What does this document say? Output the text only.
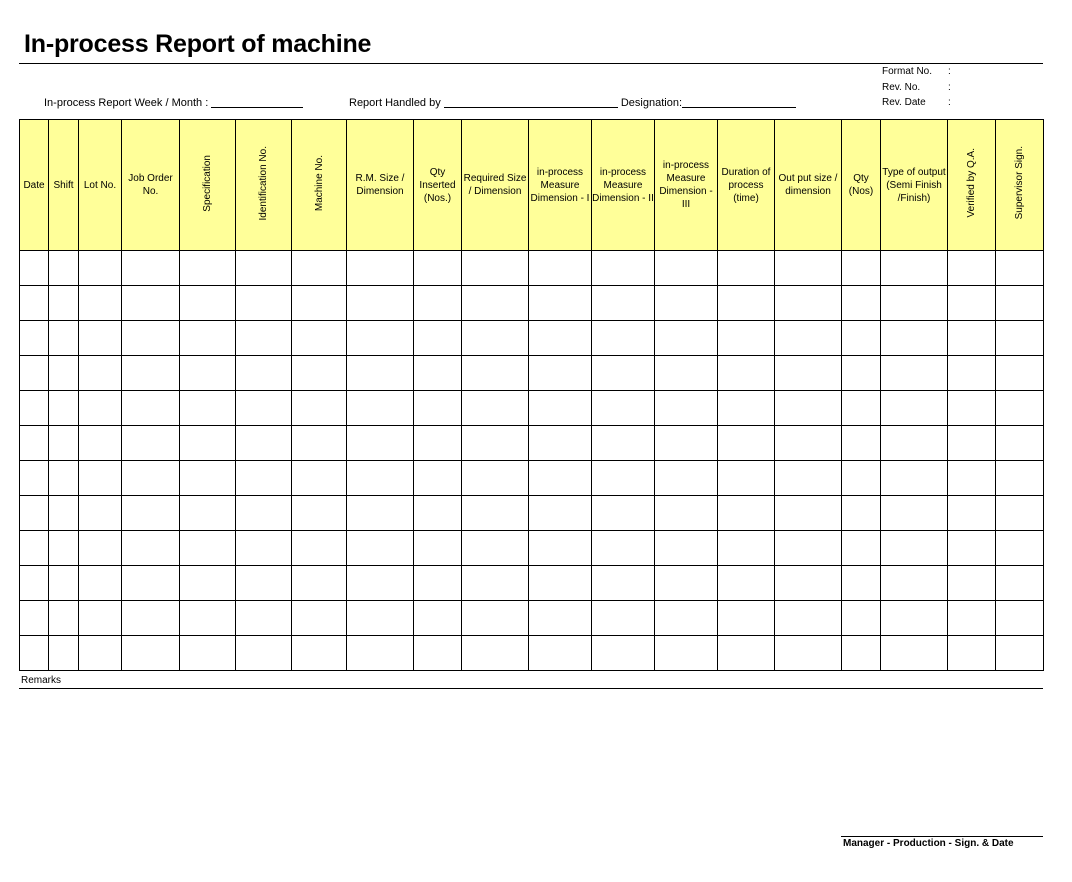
In-process Report of machine
Format No. :
Rev. No.	:
Rev. Date :
In-process Report Week / Month :	Report Handled by	Designation:
Date	Shift	Lot No.	Job Order No.	Specification	Identification No.	Machine No.	R.M. Size / Dimension	Qty Inserted (Nos.)	Required Size / Dimension	in-process Measure Dimension - I	in-process Measure Dimension - II	in-process Measure Dimension - III	Duration of process (time)	Out put size / dimension	Qty (Nos)	Type of output (Semi Finish /Finish)	Verified by Q.A.	Supervisor Sign.

Remarks
Manager - Production - Sign. & Date
